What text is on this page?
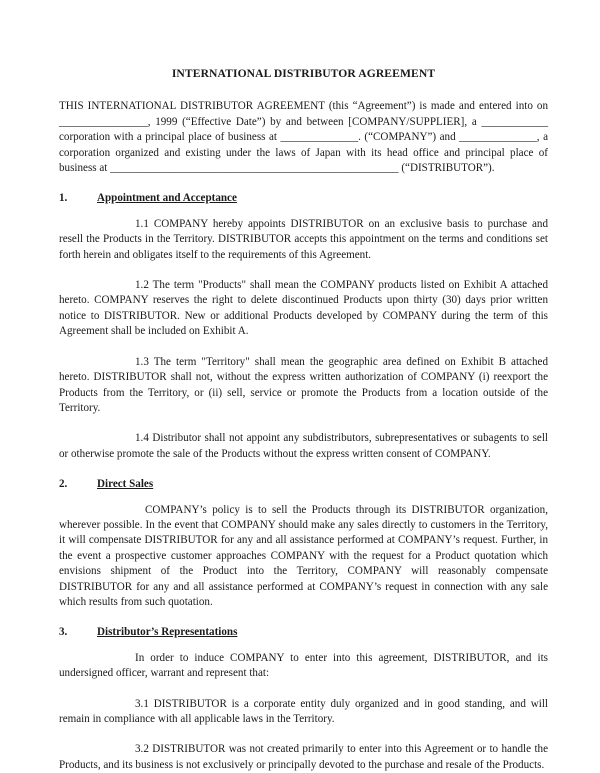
INTERNATIONAL DISTRIBUTOR AGREEMENT

THIS INTERNATIONAL DISTRIBUTOR AGREEMENT (this “Agreement”) is made and entered into on ________________, 1999 (“Effective Date”) by and between [COMPANY/SUPPLIER], a ____________ corporation with a principal place of business at ______________. (“COMPANY”) and ______________, a corporation organized and existing under the laws of Japan with its head office and principal place of business at ____________________________________________________ (“DISTRIBUTOR”).

1.	Appointment and Acceptance

1.1 COMPANY hereby appoints DISTRIBUTOR on an exclusive basis to purchase and resell the Products in the Territory. DISTRIBUTOR accepts this appointment on the terms and conditions set forth herein and obligates itself to the requirements of this Agreement.

1.2 The term "Products" shall mean the COMPANY products listed on Exhibit A attached hereto. COMPANY reserves the right to delete discontinued Products upon thirty (30) days prior written notice to DISTRIBUTOR. New or additional Products developed by COMPANY during the term of this Agreement shall be included on Exhibit A.

1.3 The term "Territory" shall mean the geographic area defined on Exhibit B attached hereto. DISTRIBUTOR shall not, without the express written authorization of COMPANY (i) reexport the Products from the Territory, or (ii) sell, service or promote the Products from a location outside of the Territory.

1.4 Distributor shall not appoint any subdistributors, subrepresentatives or subagents to sell or otherwise promote the sale of the Products without the express written consent of COMPANY.

2.	Direct Sales

COMPANY’s policy is to sell the Products through its DISTRIBUTOR organization, wherever possible. In the event that COMPANY should make any sales directly to customers in the Territory, it will compensate DISTRIBUTOR for any and all assistance performed at COMPANY’s request. Further, in the event a prospective customer approaches COMPANY with the request for a Product quotation which envisions shipment of the Product into the Territory, COMPANY will reasonably compensate DISTRIBUTOR for any and all assistance performed at COMPANY’s request in connection with any sale which results from such quotation.

3.	Distributor’s Representations

In order to induce COMPANY to enter into this agreement, DISTRIBUTOR, and its undersigned officer, warrant and represent that:

3.1 DISTRIBUTOR is a corporate entity duly organized and in good standing, and will remain in compliance with all applicable laws in the Territory.

3.2 DISTRIBUTOR was not created primarily to enter into this Agreement or to handle the Products, and its business is not exclusively or principally devoted to the purchase and resale of the Products.
